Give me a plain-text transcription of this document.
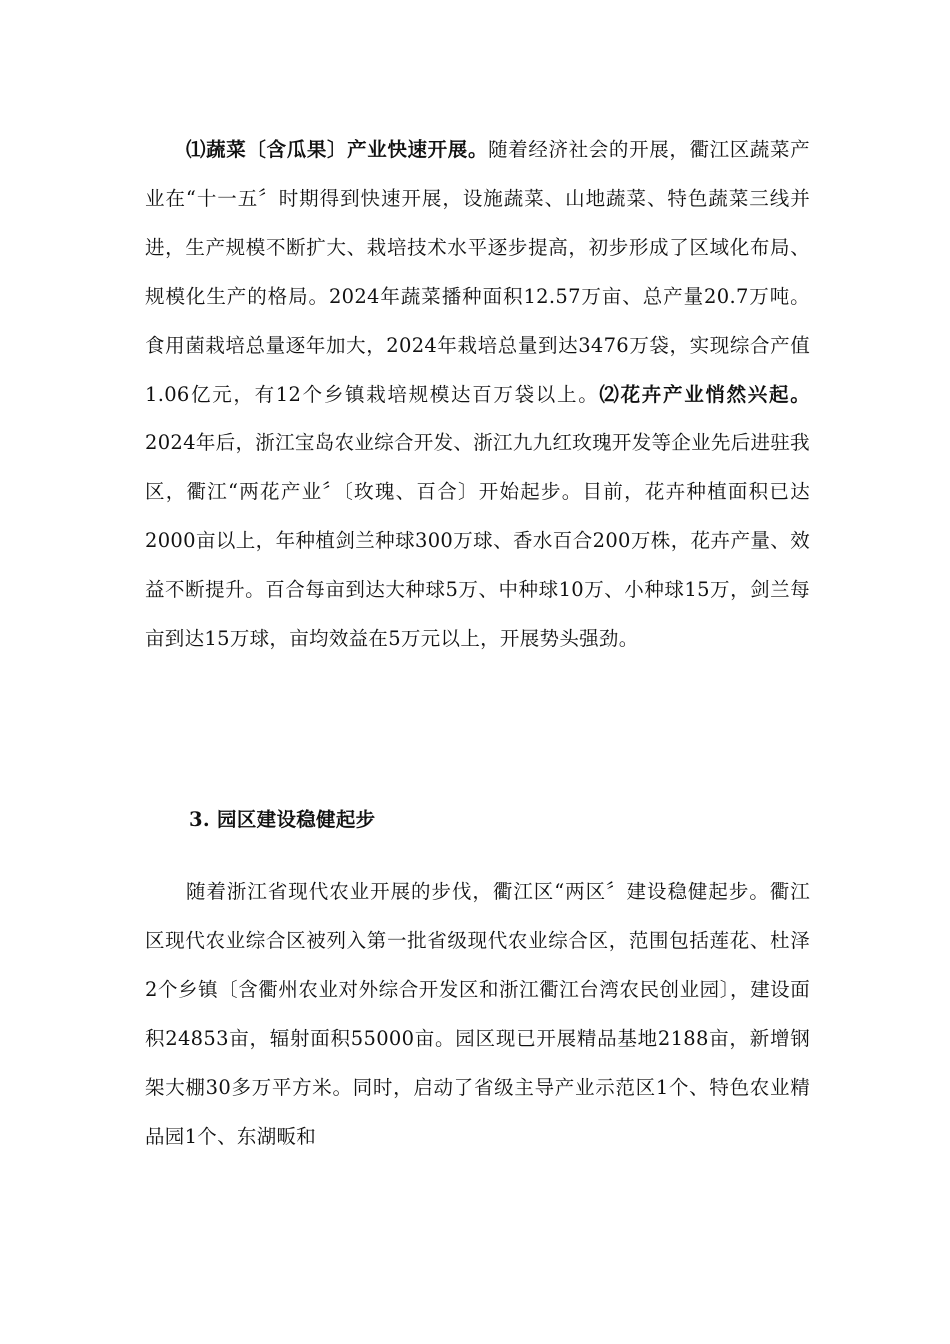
⑴蔬菜〔含瓜果〕产业快速开展。随着经济社会的开展，衢江区蔬菜产业在“十一五〞时期得到快速开展，设施蔬菜、山地蔬菜、特色蔬菜三线并进，生产规模不断扩大、栽培技术水平逐步提高，初步形成了区域化布局、规模化生产的格局。2024年蔬菜播种面积12.57万亩、总产量20.7万吨。食用菌栽培总量逐年加大，2024年栽培总量到达3476万袋，实现综合产值1.06亿元，有12个乡镇栽培规模达百万袋以上。⑵花卉产业悄然兴起。2024年后，浙江宝岛农业综合开发、浙江九九红玫瑰开发等企业先后进驻我区，衢江“两花产业〞〔玫瑰、百合〕开始起步。目前，花卉种植面积已达2000亩以上，年种植剑兰种球300万球、香水百合200万株，花卉产量、效益不断提升。百合每亩到达大种球5万、中种球10万、小种球15万，剑兰每亩到达15万球，亩均效益在5万元以上，开展势头强劲。

3. 园区建设稳健起步

随着浙江省现代农业开展的步伐，衢江区“两区〞建设稳健起步。衢江区现代农业综合区被列入第一批省级现代农业综合区，范围包括莲花、杜泽2个乡镇〔含衢州农业对外综合开发区和浙江衢江台湾农民创业园〕，建设面积24853亩，辐射面积55000亩。园区现已开展精品基地2188亩，新增钢架大棚30多万平方米。同时，启动了省级主导产业示范区1个、特色农业精品园1个、东湖畈和
